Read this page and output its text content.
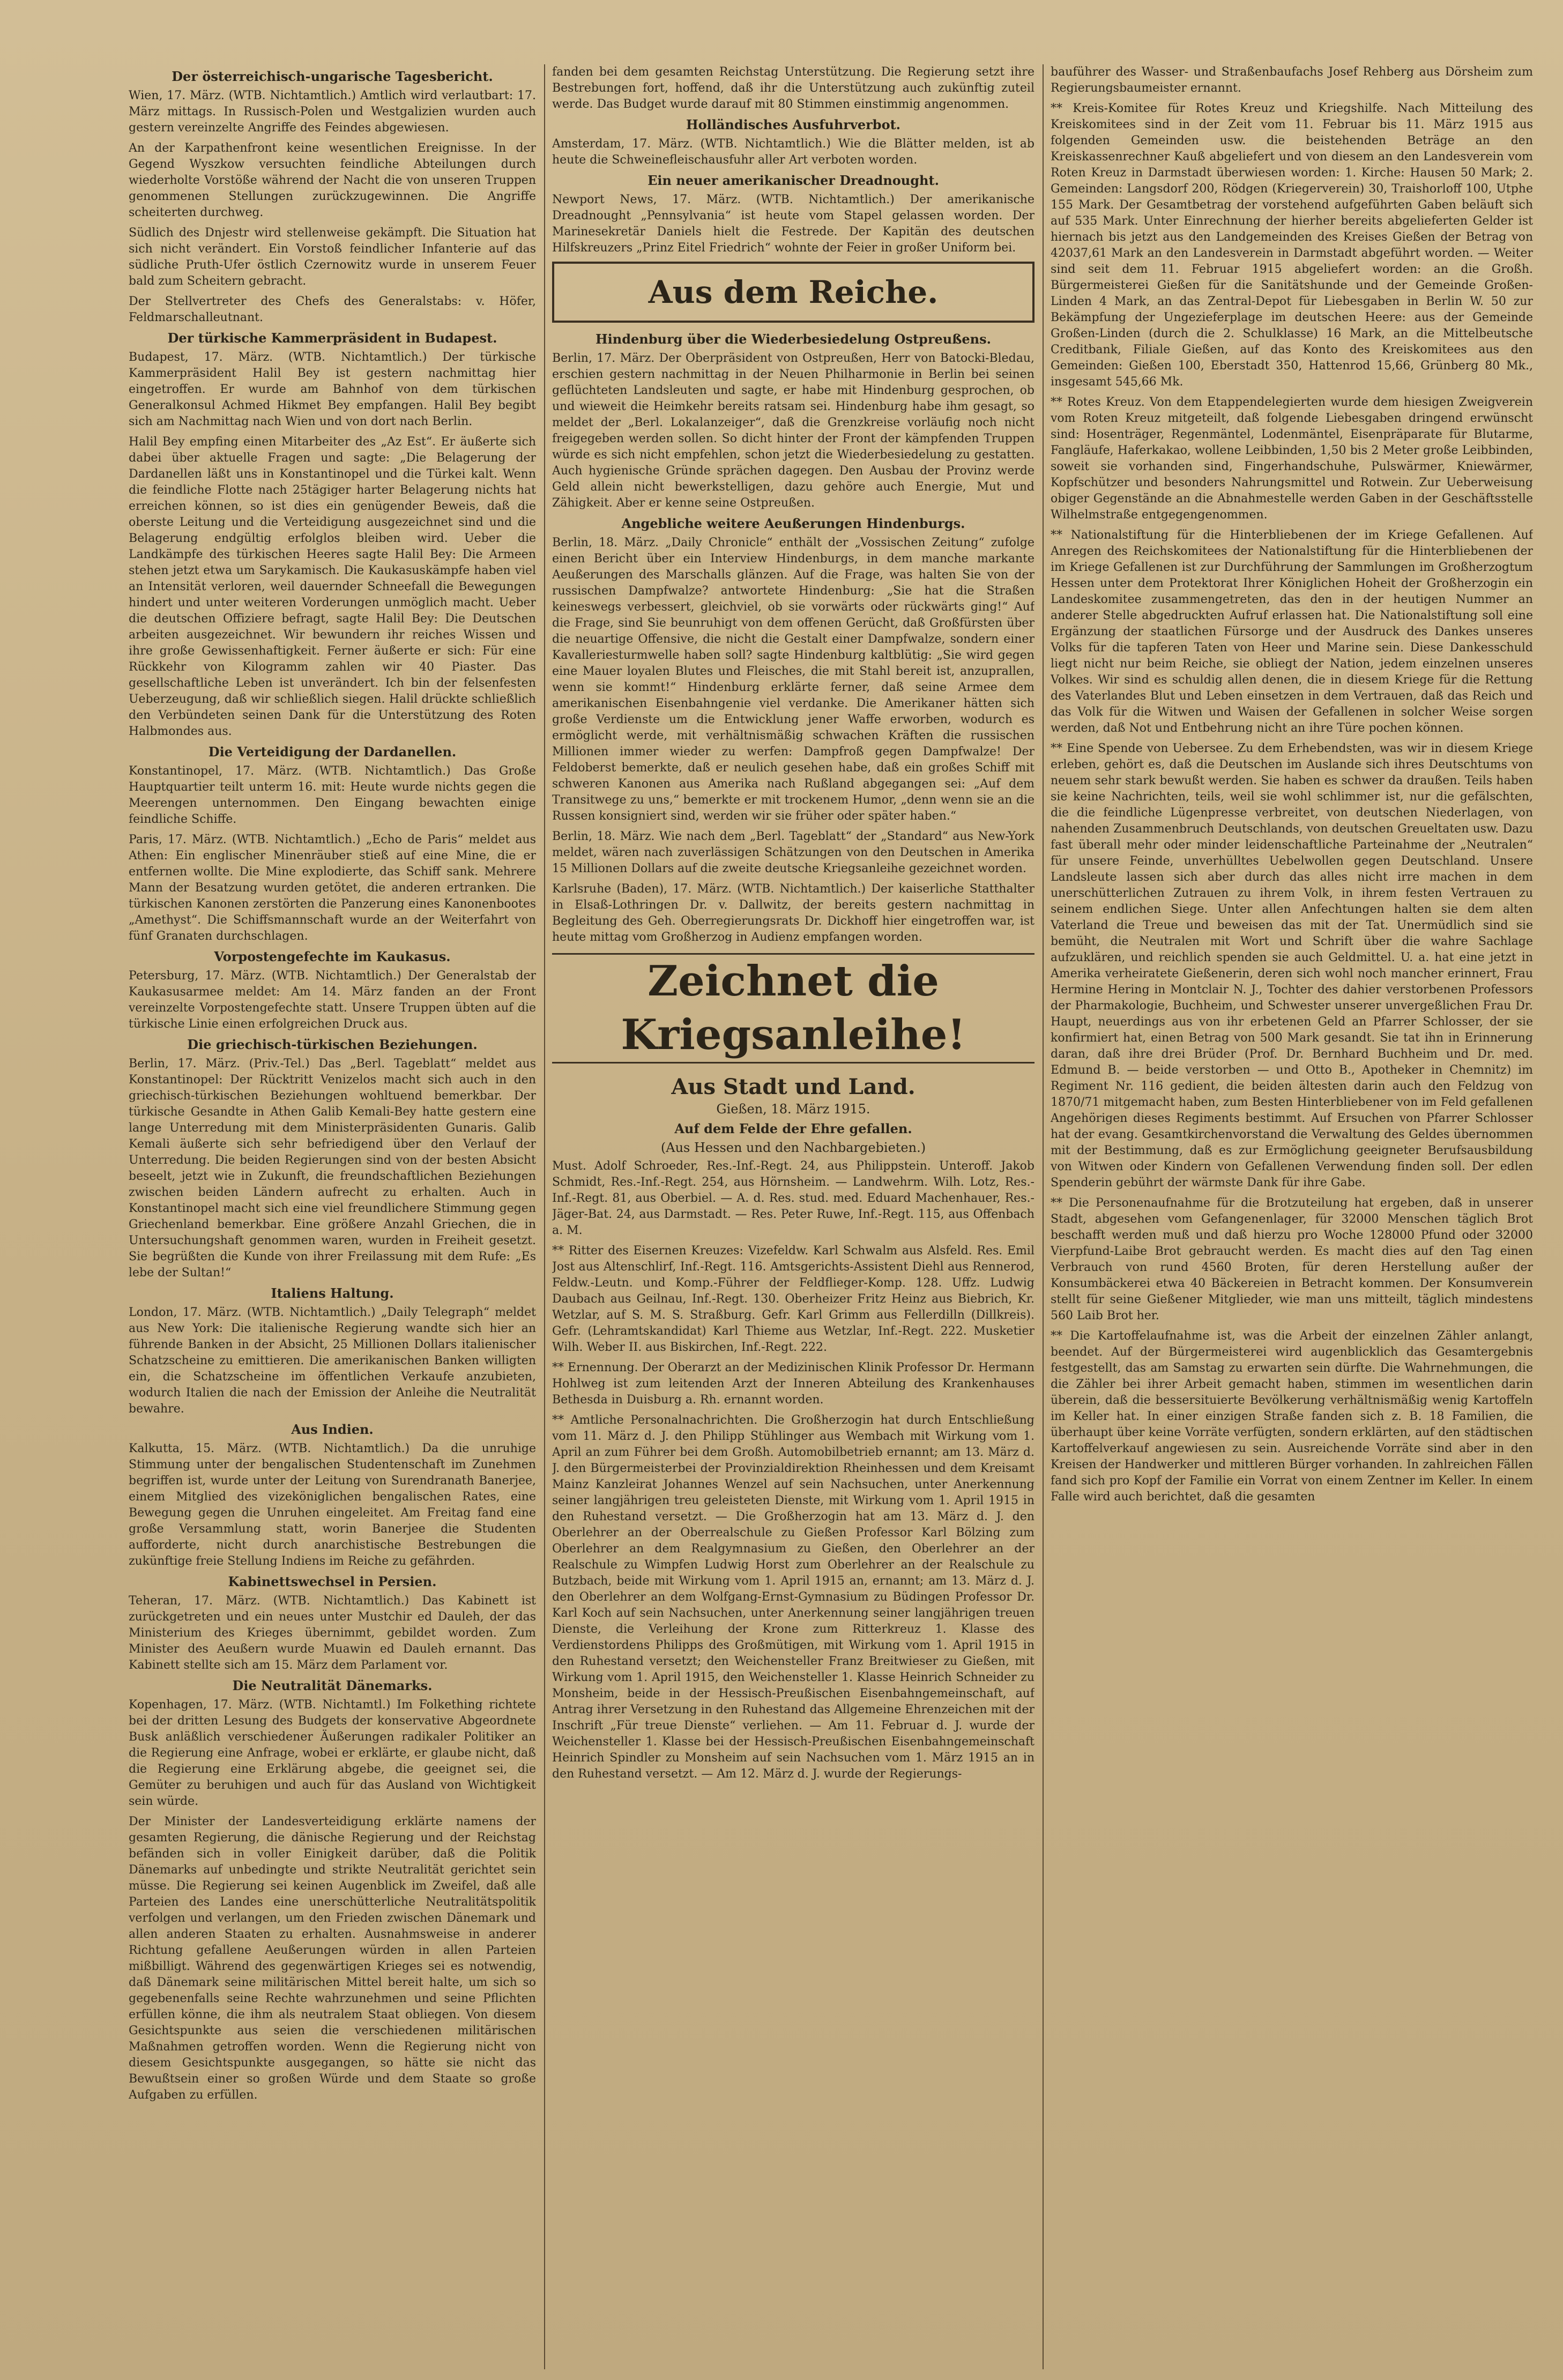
Der österreichisch-ungarische Tagesbericht.

Wien, 17. März. (WTB. Nichtamtlich.) Amtlich wird verlautbart: 17. März mittags. In Russisch-Polen und Westgalizien wurden auch gestern vereinzelte Angriffe des Feindes abgewiesen.

An der Karpathenfront keine wesentlichen Ereignisse. In der Gegend Wyszkow versuchten feindliche Abteilungen durch wiederholte Vorstöße während der Nacht die von unseren Truppen genommenen Stellungen zurückzugewinnen. Die Angriffe scheiterten durchweg.

Südlich des Dnjestr wird stellenweise gekämpft. Die Situation hat sich nicht verändert. Ein Vorstoß feindlicher Infanterie auf das südliche Pruth-Ufer östlich Czernowitz wurde in unserem Feuer bald zum Scheitern gebracht.

Der Stellvertreter des Chefs des Generalstabs: v. Höfer, Feldmarschalleutnant.

Der türkische Kammerpräsident in Budapest.

Budapest, 17. März. (WTB. Nichtamtlich.) Der türkische Kammerpräsident Halil Bey ist gestern nachmittag hier eingetroffen. Er wurde am Bahnhof von dem türkischen Generalkonsul Achmed Hikmet Bey empfangen. Halil Bey begibt sich am Nachmittag nach Wien und von dort nach Berlin.

Halil Bey empfing einen Mitarbeiter des „Az Est“. Er äußerte sich dabei über aktuelle Fragen und sagte: „Die Belagerung der Dardanellen läßt uns in Konstantinopel und die Türkei kalt. Wenn die feindliche Flotte nach 25tägiger harter Belagerung nichts hat erreichen können, so ist dies ein genügender Beweis, daß die oberste Leitung und die Verteidigung ausgezeichnet sind und die Belagerung endgültig erfolglos bleiben wird. Ueber die Landkämpfe des türkischen Heeres sagte Halil Bey: Die Armeen stehen jetzt etwa um Sarykamisch. Die Kaukasuskämpfe haben viel an Intensität verloren, weil dauernder Schneefall die Bewegungen hindert und unter weiteren Vorderungen unmöglich macht. Ueber die deutschen Offiziere befragt, sagte Halil Bey: Die Deutschen arbeiten ausgezeichnet. Wir bewundern ihr reiches Wissen und ihre große Gewissenhaftigkeit. Ferner äußerte er sich: Für eine Rückkehr von Kilogramm zahlen wir 40 Piaster. Das gesellschaftliche Leben ist unverändert. Ich bin der felsenfesten Ueberzeugung, daß wir schließlich siegen. Halil drückte schließlich den Verbündeten seinen Dank für die Unterstützung des Roten Halbmondes aus.

Die Verteidigung der Dardanellen.

Konstantinopel, 17. März. (WTB. Nichtamtlich.) Das Große Hauptquartier teilt unterm 16. mit: Heute wurde nichts gegen die Meerengen unternommen. Den Eingang bewachten einige feindliche Schiffe.

Paris, 17. März. (WTB. Nichtamtlich.) „Echo de Paris“ meldet aus Athen: Ein englischer Minenräuber stieß auf eine Mine, die er entfernen wollte. Die Mine explodierte, das Schiff sank. Mehrere Mann der Besatzung wurden getötet, die anderen ertranken. Die türkischen Kanonen zerstörten die Panzerung eines Kanonenbootes „Amethyst“. Die Schiffsmannschaft wurde an der Weiterfahrt von fünf Granaten durchschlagen.

Vorpostengefechte im Kaukasus.

Petersburg, 17. März. (WTB. Nichtamtlich.) Der Generalstab der Kaukasusarmee meldet: Am 14. März fanden an der Front vereinzelte Vorpostengefechte statt. Unsere Truppen übten auf die türkische Linie einen erfolgreichen Druck aus.

Die griechisch-türkischen Beziehungen.

Berlin, 17. März. (Priv.-Tel.) Das „Berl. Tageblatt“ meldet aus Konstantinopel: Der Rücktritt Venizelos macht sich auch in den griechisch-türkischen Beziehungen wohltuend bemerkbar. Der türkische Gesandte in Athen Galib Kemali-Bey hatte gestern eine lange Unterredung mit dem Ministerpräsidenten Gunaris. Galib Kemali äußerte sich sehr befriedigend über den Verlauf der Unterredung. Die beiden Regierungen sind von der besten Absicht beseelt, jetzt wie in Zukunft, die freundschaftlichen Beziehungen zwischen beiden Ländern aufrecht zu erhalten. Auch in Konstantinopel macht sich eine viel freundlichere Stimmung gegen Griechenland bemerkbar. Eine größere Anzahl Griechen, die in Untersuchungshaft genommen waren, wurden in Freiheit gesetzt. Sie begrüßten die Kunde von ihrer Freilassung mit dem Rufe: „Es lebe der Sultan!“

Italiens Haltung.

London, 17. März. (WTB. Nichtamtlich.) „Daily Telegraph“ meldet aus New York: Die italienische Regierung wandte sich hier an führende Banken in der Absicht, 25 Millionen Dollars italienischer Schatzscheine zu emittieren. Die amerikanischen Banken willigten ein, die Schatzscheine im öffentlichen Verkaufe anzubieten, wodurch Italien die nach der Emission der Anleihe die Neutralität bewahre.

Aus Indien.

Kalkutta, 15. März. (WTB. Nichtamtlich.) Da die unruhige Stimmung unter der bengalischen Studentenschaft im Zunehmen begriffen ist, wurde unter der Leitung von Surendranath Banerjee, einem Mitglied des vizeköniglichen bengalischen Rates, eine Bewegung gegen die Unruhen eingeleitet. Am Freitag fand eine große Versammlung statt, worin Banerjee die Studenten aufforderte, nicht durch anarchistische Bestrebungen die zukünftige freie Stellung Indiens im Reiche zu gefährden.

Kabinettswechsel in Persien.

Teheran, 17. März. (WTB. Nichtamtlich.) Das Kabinett ist zurückgetreten und ein neues unter Mustchir ed Dauleh, der das Ministerium des Krieges übernimmt, gebildet worden. Zum Minister des Aeußern wurde Muawin ed Dauleh ernannt. Das Kabinett stellte sich am 15. März dem Parlament vor.

Die Neutralität Dänemarks.

Kopenhagen, 17. März. (WTB. Nichtamtl.) Im Folkething richtete bei der dritten Lesung des Budgets der konservative Abgeordnete Busk anläßlich verschiedener Äußerungen radikaler Politiker an die Regierung eine Anfrage, wobei er erklärte, er glaube nicht, daß die Regierung eine Erklärung abgebe, die geeignet sei, die Gemüter zu beruhigen und auch für das Ausland von Wichtigkeit sein würde.

Der Minister der Landesverteidigung erklärte namens der gesamten Regierung, die dänische Regierung und der Reichstag befänden sich in voller Einigkeit darüber, daß die Politik Dänemarks auf unbedingte und strikte Neutralität gerichtet sein müsse. Die Regierung sei keinen Augenblick im Zweifel, daß alle Parteien des Landes eine unerschütterliche Neutralitätspolitik verfolgen und verlangen, um den Frieden zwischen Dänemark und allen anderen Staaten zu erhalten. Ausnahmsweise in anderer Richtung gefallene Aeußerungen würden in allen Parteien mißbilligt. Während des gegenwärtigen Krieges sei es notwendig, daß Dänemark seine militärischen Mittel bereit halte, um sich so gegebenenfalls seine Rechte wahrzunehmen und seine Pflichten erfüllen könne, die ihm als neutralem Staat obliegen. Von diesem Gesichtspunkte aus seien die verschiedenen militärischen Maßnahmen getroffen worden. Wenn die Regierung nicht von diesem Gesichtspunkte ausgegangen, so hätte sie nicht das Bewußtsein einer so großen Würde und dem Staate so große Aufgaben zu erfüllen.

fanden bei dem gesamten Reichstag Unterstützung. Die Regierung setzt ihre Bestrebungen fort, hoffend, daß ihr die Unterstützung auch zukünftig zuteil werde. Das Budget wurde darauf mit 80 Stimmen einstimmig angenommen.

Holländisches Ausfuhrverbot.

Amsterdam, 17. März. (WTB. Nichtamtlich.) Wie die Blätter melden, ist ab heute die Schweinefleischausfuhr aller Art verboten worden.

Ein neuer amerikanischer Dreadnought.

Newport News, 17. März. (WTB. Nichtamtlich.) Der amerikanische Dreadnought „Pennsylvania“ ist heute vom Stapel gelassen worden. Der Marinesekretär Daniels hielt die Festrede. Der Kapitän des deutschen Hilfskreuzers „Prinz Eitel Friedrich“ wohnte der Feier in großer Uniform bei.

Aus dem Reiche.
Hindenburg über die Wiederbesiedelung Ostpreußens.

Berlin, 17. März. Der Oberpräsident von Ostpreußen, Herr von Batocki-Bledau, erschien gestern nachmittag in der Neuen Philharmonie in Berlin bei seinen geflüchteten Landsleuten und sagte, er habe mit Hindenburg gesprochen, ob und wieweit die Heimkehr bereits ratsam sei. Hindenburg habe ihm gesagt, so meldet der „Berl. Lokalanzeiger“, daß die Grenzkreise vorläufig noch nicht freigegeben werden sollen. So dicht hinter der Front der kämpfenden Truppen würde es sich nicht empfehlen, schon jetzt die Wiederbesiedelung zu gestatten. Auch hygienische Gründe sprächen dagegen. Den Ausbau der Provinz werde Geld allein nicht bewerkstelligen, dazu gehöre auch Energie, Mut und Zähigkeit. Aber er kenne seine Ostpreußen.

Angebliche weitere Aeußerungen Hindenburgs.

Berlin, 18. März. „Daily Chronicle“ enthält der „Vossischen Zeitung“ zufolge einen Bericht über ein Interview Hindenburgs, in dem manche markante Aeußerungen des Marschalls glänzen. Auf die Frage, was halten Sie von der russischen Dampfwalze? antwortete Hindenburg: „Sie hat die Straßen keineswegs verbessert, gleichviel, ob sie vorwärts oder rückwärts ging!“ Auf die Frage, sind Sie beunruhigt von dem offenen Gerücht, daß Großfürsten über die neuartige Offensive, die nicht die Gestalt einer Dampfwalze, sondern einer Kavalleriesturmwelle haben soll? sagte Hindenburg kaltblütig: „Sie wird gegen eine Mauer loyalen Blutes und Fleisches, die mit Stahl bereit ist, anzuprallen, wenn sie kommt!“ Hindenburg erklärte ferner, daß seine Armee dem amerikanischen Eisenbahngenie viel verdanke. Die Amerikaner hätten sich große Verdienste um die Entwicklung jener Waffe erworben, wodurch es ermöglicht werde, mit verhältnismäßig schwachen Kräften die russischen Millionen immer wieder zu werfen: Dampfroß gegen Dampfwalze! Der Feldoberst bemerkte, daß er neulich gesehen habe, daß ein großes Schiff mit schweren Kanonen aus Amerika nach Rußland abgegangen sei: „Auf dem Transitwege zu uns,“ bemerkte er mit trockenem Humor, „denn wenn sie an die Russen konsigniert sind, werden wir sie früher oder später haben.“

Berlin, 18. März. Wie nach dem „Berl. Tageblatt“ der „Standard“ aus New-York meldet, wären nach zuverlässigen Schätzungen von den Deutschen in Amerika 15 Millionen Dollars auf die zweite deutsche Kriegsanleihe gezeichnet worden.

Karlsruhe (Baden), 17. März. (WTB. Nichtamtlich.) Der kaiserliche Statthalter in Elsaß-Lothringen Dr. v. Dallwitz, der bereits gestern nachmittag in Begleitung des Geh. Oberregierungsrats Dr. Dickhoff hier eingetroffen war, ist heute mittag vom Großherzog in Audienz empfangen worden.

Zeichnet die Kriegsanleihe!
Aus Stadt und Land.
Gießen, 18. März 1915.
Auf dem Felde der Ehre gefallen.
(Aus Hessen und den Nachbargebieten.)

Must. Adolf Schroeder, Res.-Inf.-Regt. 24, aus Philippstein. Unteroff. Jakob Schmidt, Res.-Inf.-Regt. 254, aus Hörnsheim. — Landwehrm. Wilh. Lotz, Res.-Inf.-Regt. 81, aus Oberbiel. — A. d. Res. stud. med. Eduard Machenhauer, Res.-Jäger-Bat. 24, aus Darmstadt. — Res. Peter Ruwe, Inf.-Regt. 115, aus Offenbach a. M.

** Ritter des Eisernen Kreuzes: Vizefeldw. Karl Schwalm aus Alsfeld. Res. Emil Jost aus Altenschlirf, Inf.-Regt. 116. Amtsgerichts-Assistent Diehl aus Rennerod, Feldw.-Leutn. und Komp.-Führer der Feldflieger-Komp. 128. Uffz. Ludwig Daubach aus Geilnau, Inf.-Regt. 130. Oberheizer Fritz Heinz aus Biebrich, Kr. Wetzlar, auf S. M. S. Straßburg. Gefr. Karl Grimm aus Fellerdilln (Dillkreis). Gefr. (Lehramtskandidat) Karl Thieme aus Wetzlar, Inf.-Regt. 222. Musketier Wilh. Weber II. aus Biskirchen, Inf.-Regt. 222.

** Ernennung. Der Oberarzt an der Medizinischen Klinik Professor Dr. Hermann Hohlweg ist zum leitenden Arzt der Inneren Abteilung des Krankenhauses Bethesda in Duisburg a. Rh. ernannt worden.

** Amtliche Personalnachrichten. Die Großherzogin hat durch Entschließung vom 11. März d. J. den Philipp Stühlinger aus Wembach mit Wirkung vom 1. April an zum Führer bei dem Großh. Automobilbetrieb ernannt; am 13. März d. J. den Bürgermeisterbei der Provinzialdirektion Rheinhessen und dem Kreisamt Mainz Kanzleirat Johannes Wenzel auf sein Nachsuchen, unter Anerkennung seiner langjährigen treu geleisteten Dienste, mit Wirkung vom 1. April 1915 in den Ruhestand versetzt. — Die Großherzogin hat am 13. März d. J. den Oberlehrer an der Oberrealschule zu Gießen Professor Karl Bölzing zum Oberlehrer an dem Realgymnasium zu Gießen, den Oberlehrer an der Realschule zu Wimpfen Ludwig Horst zum Oberlehrer an der Realschule zu Butzbach, beide mit Wirkung vom 1. April 1915 an, ernannt; am 13. März d. J. den Oberlehrer an dem Wolfgang-Ernst-Gymnasium zu Büdingen Professor Dr. Karl Koch auf sein Nachsuchen, unter Anerkennung seiner langjährigen treuen Dienste, die Verleihung der Krone zum Ritterkreuz 1. Klasse des Verdienstordens Philipps des Großmütigen, mit Wirkung vom 1. April 1915 in den Ruhestand versetzt; den Weichensteller Franz Breitwieser zu Gießen, mit Wirkung vom 1. April 1915, den Weichensteller 1. Klasse Heinrich Schneider zu Monsheim, beide in der Hessisch-Preußischen Eisenbahngemeinschaft, auf Antrag ihrer Versetzung in den Ruhestand das Allgemeine Ehrenzeichen mit der Inschrift „Für treue Dienste“ verliehen. — Am 11. Februar d. J. wurde der Weichensteller 1. Klasse bei der Hessisch-Preußischen Eisenbahngemeinschaft Heinrich Spindler zu Monsheim auf sein Nachsuchen vom 1. März 1915 an in den Ruhestand versetzt. — Am 12. März d. J. wurde der Regierungs-

bauführer des Wasser- und Straßenbaufachs Josef Rehberg aus Dörsheim zum Regierungsbaumeister ernannt.

** Kreis-Komitee für Rotes Kreuz und Kriegshilfe. Nach Mitteilung des Kreiskomitees sind in der Zeit vom 11. Februar bis 11. März 1915 aus folgenden Gemeinden usw. die beistehenden Beträge an den Kreiskassenrechner Kauß abgeliefert und von diesem an den Landesverein vom Roten Kreuz in Darmstadt überwiesen worden: 1. Kirche: Hausen 50 Mark; 2. Gemeinden: Langsdorf 200, Rödgen (Kriegerverein) 30, Traishorloff 100, Utphe 155 Mark. Der Gesamtbetrag der vorstehend aufgeführten Gaben beläuft sich auf 535 Mark. Unter Einrechnung der hierher bereits abgelieferten Gelder ist hiernach bis jetzt aus den Landgemeinden des Kreises Gießen der Betrag von 42037,61 Mark an den Landesverein in Darmstadt abgeführt worden. — Weiter sind seit dem 11. Februar 1915 abgeliefert worden: an die Großh. Bürgermeisterei Gießen für die Sanitätshunde und der Gemeinde Großen-Linden 4 Mark, an das Zentral-Depot für Liebesgaben in Berlin W. 50 zur Bekämpfung der Ungezieferplage im deutschen Heere: aus der Gemeinde Großen-Linden (durch die 2. Schulklasse) 16 Mark, an die Mittelbeutsche Creditbank, Filiale Gießen, auf das Konto des Kreiskomitees aus den Gemeinden: Gießen 100, Eberstadt 350, Hattenrod 15,66, Grünberg 80 Mk., insgesamt 545,66 Mk.

** Rotes Kreuz. Von dem Etappendelegierten wurde dem hiesigen Zweigverein vom Roten Kreuz mitgeteilt, daß folgende Liebesgaben dringend erwünscht sind: Hosenträger, Regenmäntel, Lodenmäntel, Eisenpräparate für Blutarme, Fangläufe, Haferkakao, wollene Leibbinden, 1,50 bis 2 Meter große Leibbinden, soweit sie vorhanden sind, Fingerhandschuhe, Pulswärmer, Kniewärmer, Kopfschützer und besonders Nahrungsmittel und Rotwein. Zur Ueberweisung obiger Gegenstände an die Abnahmestelle werden Gaben in der Geschäftsstelle Wilhelmstraße entgegengenommen.

** Nationalstiftung für die Hinterbliebenen der im Kriege Gefallenen. Auf Anregen des Reichskomitees der Nationalstiftung für die Hinterbliebenen der im Kriege Gefallenen ist zur Durchführung der Sammlungen im Großherzogtum Hessen unter dem Protektorat Ihrer Königlichen Hoheit der Großherzogin ein Landeskomitee zusammengetreten, das den in der heutigen Nummer an anderer Stelle abgedruckten Aufruf erlassen hat. Die Nationalstiftung soll eine Ergänzung der staatlichen Fürsorge und der Ausdruck des Dankes unseres Volks für die tapferen Taten von Heer und Marine sein. Diese Dankesschuld liegt nicht nur beim Reiche, sie obliegt der Nation, jedem einzelnen unseres Volkes. Wir sind es schuldig allen denen, die in diesem Kriege für die Rettung des Vaterlandes Blut und Leben einsetzen in dem Vertrauen, daß das Reich und das Volk für die Witwen und Waisen der Gefallenen in solcher Weise sorgen werden, daß Not und Entbehrung nicht an ihre Türe pochen können.

** Eine Spende von Uebersee. Zu dem Erhebendsten, was wir in diesem Kriege erleben, gehört es, daß die Deutschen im Auslande sich ihres Deutschtums von neuem sehr stark bewußt werden. Sie haben es schwer da draußen. Teils haben sie keine Nachrichten, teils, weil sie wohl schlimmer ist, nur die gefälschten, die die feindliche Lügenpresse verbreitet, von deutschen Niederlagen, von nahenden Zusammenbruch Deutschlands, von deutschen Greueltaten usw. Dazu fast überall mehr oder minder leidenschaftliche Parteinahme der „Neutralen“ für unsere Feinde, unverhülltes Uebelwollen gegen Deutschland. Unsere Landsleute lassen sich aber durch das alles nicht irre machen in dem unerschütterlichen Zutrauen zu ihrem Volk, in ihrem festen Vertrauen zu seinem endlichen Siege. Unter allen Anfechtungen halten sie dem alten Vaterland die Treue und beweisen das mit der Tat. Unermüdlich sind sie bemüht, die Neutralen mit Wort und Schrift über die wahre Sachlage aufzuklären, und reichlich spenden sie auch Geldmittel. U. a. hat eine jetzt in Amerika verheiratete Gießenerin, deren sich wohl noch mancher erinnert, Frau Hermine Hering in Montclair N. J., Tochter des dahier verstorbenen Professors der Pharmakologie, Buchheim, und Schwester unserer unvergeßlichen Frau Dr. Haupt, neuerdings aus von ihr erbetenen Geld an Pfarrer Schlosser, der sie konfirmiert hat, einen Betrag von 500 Mark gesandt. Sie tat ihn in Erinnerung daran, daß ihre drei Brüder (Prof. Dr. Bernhard Buchheim und Dr. med. Edmund B. — beide verstorben — und Otto B., Apotheker in Chemnitz) im Regiment Nr. 116 gedient, die beiden ältesten darin auch den Feldzug von 1870/71 mitgemacht haben, zum Besten Hinterbliebener von im Feld gefallenen Angehörigen dieses Regiments bestimmt. Auf Ersuchen von Pfarrer Schlosser hat der evang. Gesamtkirchenvorstand die Verwaltung des Geldes übernommen mit der Bestimmung, daß es zur Ermöglichung geeigneter Berufsausbildung von Witwen oder Kindern von Gefallenen Verwendung finden soll. Der edlen Spenderin gebührt der wärmste Dank für ihre Gabe.

** Die Personenaufnahme für die Brotzuteilung hat ergeben, daß in unserer Stadt, abgesehen vom Gefangenenlager, für 32000 Menschen täglich Brot beschafft werden muß und daß hierzu pro Woche 128000 Pfund oder 32000 Vierpfund-Laibe Brot gebraucht werden. Es macht dies auf den Tag einen Verbrauch von rund 4560 Broten, für deren Herstellung außer der Konsumbäckerei etwa 40 Bäckereien in Betracht kommen. Der Konsumverein stellt für seine Gießener Mitglieder, wie man uns mitteilt, täglich mindestens 560 Laib Brot her.

** Die Kartoffelaufnahme ist, was die Arbeit der einzelnen Zähler anlangt, beendet. Auf der Bürgermeisterei wird augenblicklich das Gesamtergebnis festgestellt, das am Samstag zu erwarten sein dürfte. Die Wahrnehmungen, die die Zähler bei ihrer Arbeit gemacht haben, stimmen im wesentlichen darin überein, daß die bessersituierte Bevölkerung verhältnismäßig wenig Kartoffeln im Keller hat. In einer einzigen Straße fanden sich z. B. 18 Familien, die überhaupt über keine Vorräte verfügten, sondern erklärten, auf den städtischen Kartoffelverkauf angewiesen zu sein. Ausreichende Vorräte sind aber in den Kreisen der Handwerker und mittleren Bürger vorhanden. In zahlreichen Fällen fand sich pro Kopf der Familie ein Vorrat von einem Zentner im Keller. In einem Falle wird auch berichtet, daß die gesamten
